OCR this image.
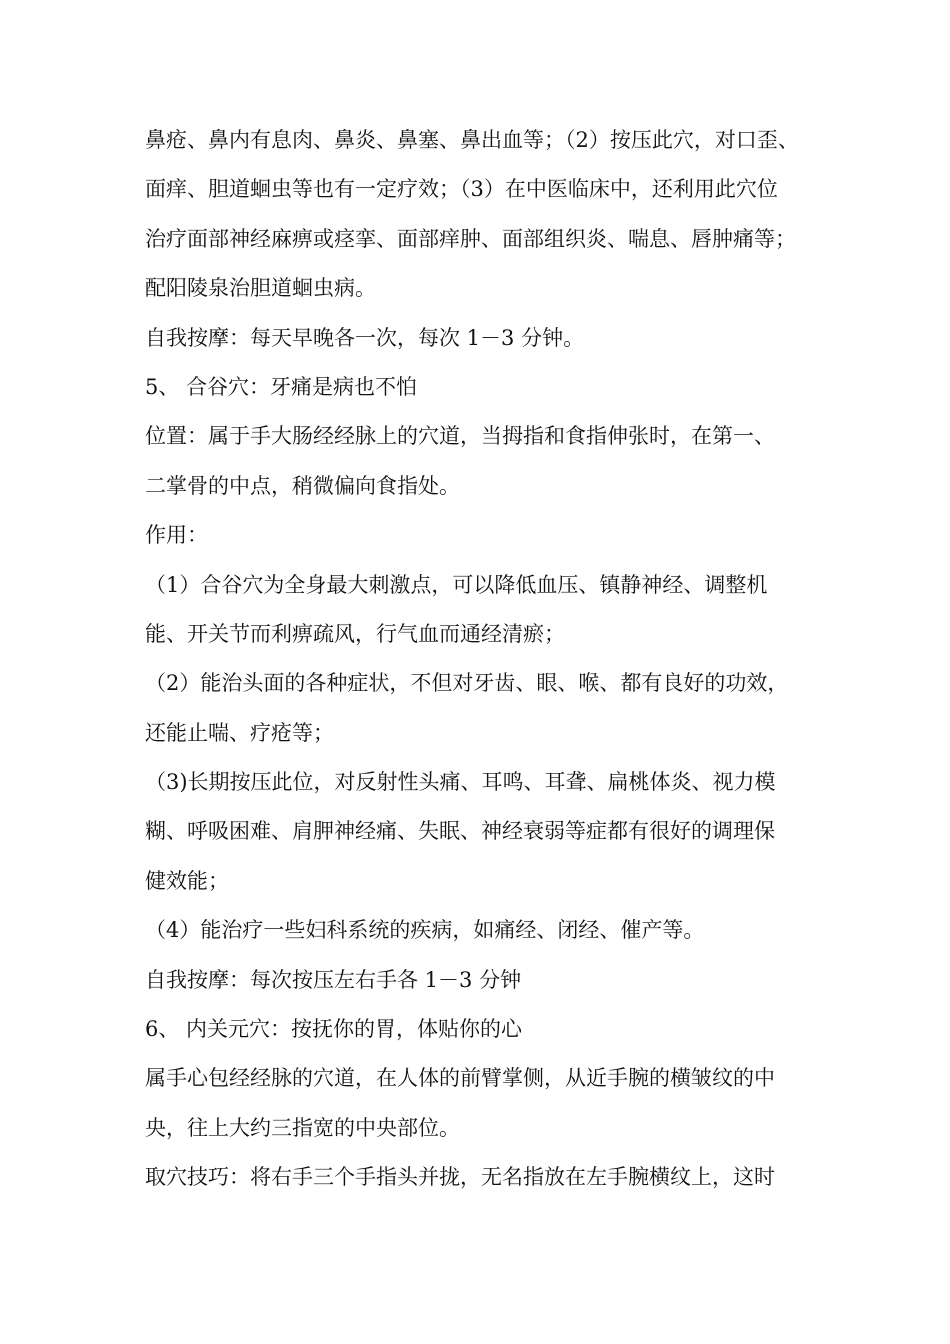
鼻疮、鼻内有息肉、鼻炎、鼻塞、鼻出血等；（2）按压此穴，对口歪、
面痒、胆道蛔虫等也有一定疗效；（3）在中医临床中，还利用此穴位
治疗面部神经麻痹或痉挛、面部痒肿、面部组织炎、喘息、唇肿痛等；
配阳陵泉治胆道蛔虫病。
自我按摩：每天早晚各一次，每次 1－3 分钟。
5、 合谷穴：牙痛是病也不怕
位置：属于手大肠经经脉上的穴道，当拇指和食指伸张时，在第一、
二掌骨的中点，稍微偏向食指处。
作用：
（1）合谷穴为全身最大刺激点，可以降低血压、镇静神经、调整机
能、开关节而利痹疏风，行气血而通经清瘀；
（2）能治头面的各种症状，不但对牙齿、眼、喉、都有良好的功效，
还能止喘、疗疮等；
（3)长期按压此位，对反射性头痛、耳鸣、耳聋、扁桃体炎、视力模
糊、呼吸困难、肩胛神经痛、失眠、神经衰弱等症都有很好的调理保
健效能；
（4）能治疗一些妇科系统的疾病，如痛经、闭经、催产等。
自我按摩：每次按压左右手各 1－3 分钟
6、 内关元穴：按抚你的胃，体贴你的心
属手心包经经脉的穴道，在人体的前臂掌侧，从近手腕的横皱纹的中
央，往上大约三指宽的中央部位。
取穴技巧：将右手三个手指头并拢，无名指放在左手腕横纹上，这时
